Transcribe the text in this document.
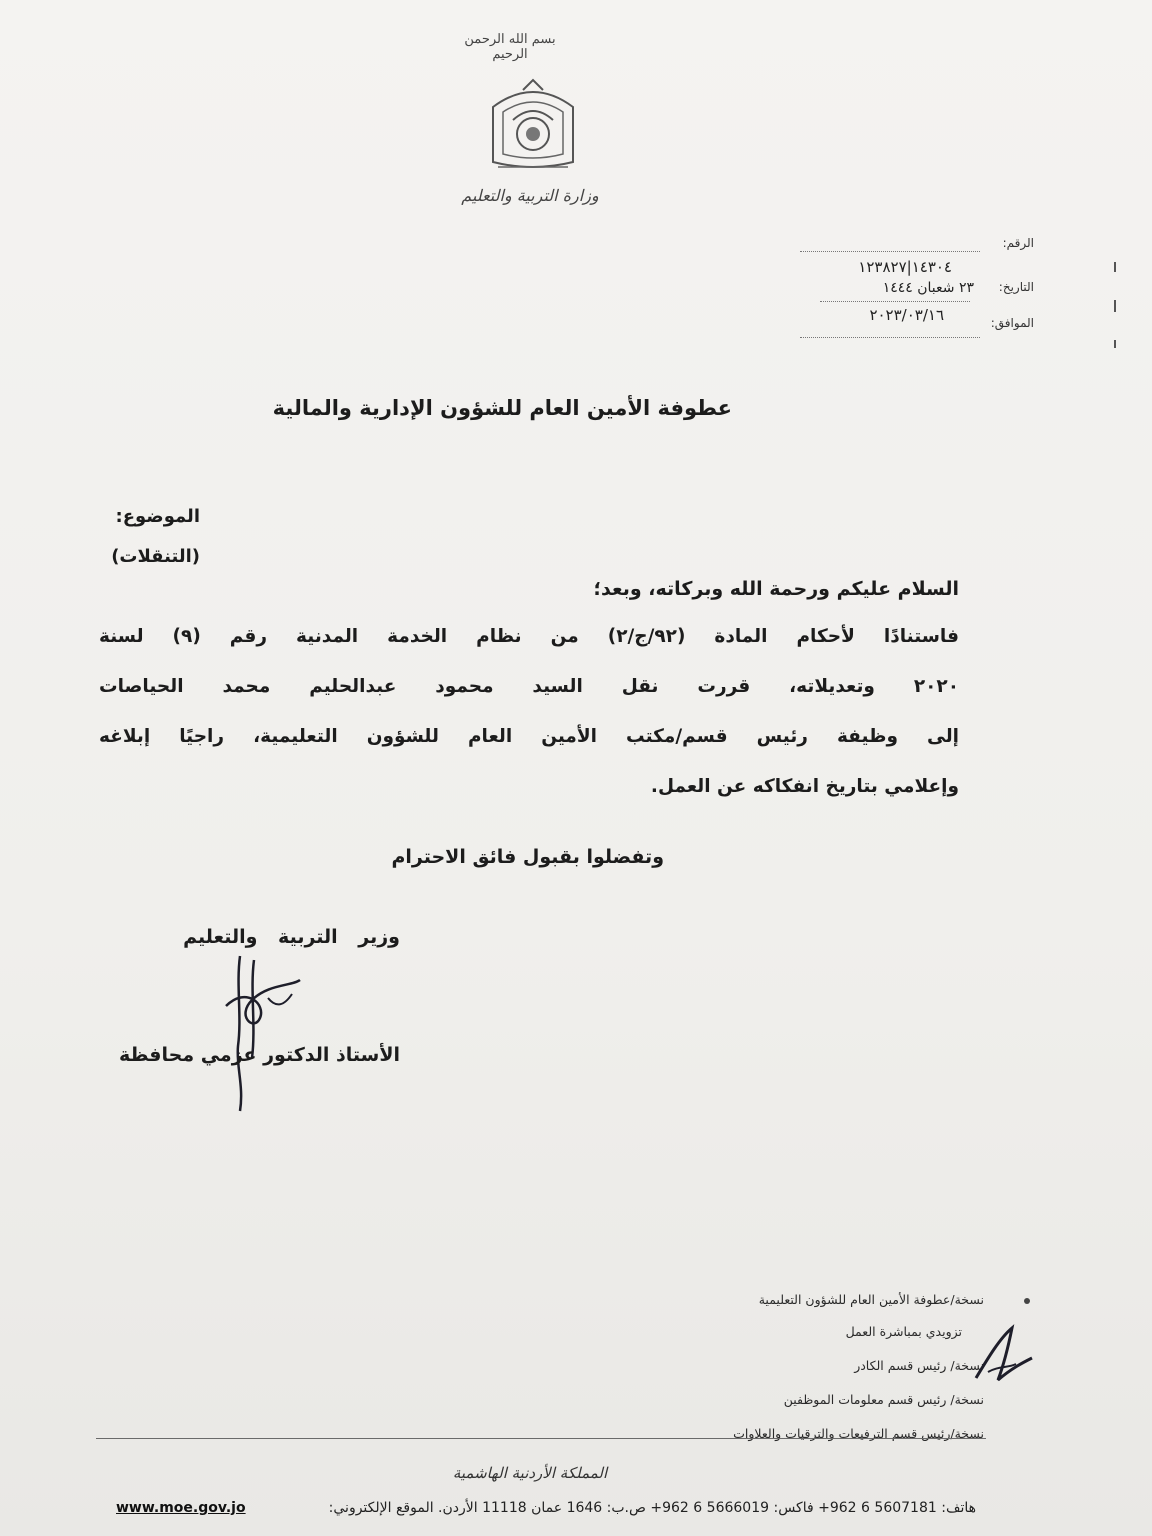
بسم الله الرحمن الرحيم
وزارة التربية والتعليم
الرقم:
١٤٣٠٤|١٢٣٨٢٧
التاريخ:
٢٣ شعبان ١٤٤٤
الموافق:
٢٠٢٣/٠٣/١٦
عطوفة الأمين العام للشؤون الإدارية والمالية
الموضوع:
(التنقلات)
السلام عليكم ورحمة الله وبركاته، وبعد؛
فاستنادًا لأحكام المادة (٩٢/ج/٢) من نظام الخدمة المدنية رقم (٩) لسنة
٢٠٢٠ وتعديلاته، قررت نقل السيد محمود عبدالحليم محمد الحياصات
إلى وظيفة رئيس قسم/مكتب الأمين العام للشؤون التعليمية، راجيًا إبلاغه
وإعلامي بتاريخ انفكاكه عن العمل.
وتفضلوا بقبول فائق الاحترام
وزير التربية والتعليم
الأستاذ الدكتور عزمي محافظة
نسخة/عطوفة الأمين العام للشؤون التعليمية
تزويدي بمباشرة العمل
نسخة/ رئيس قسم الكادر
نسخة/ رئيس قسم معلومات الموظفين
نسخة/رئيس قسم الترفيعات والترقيات والعلاوات
المملكة الأردنية الهاشمية
هاتف: 5607181 6 962+ فاكس: 5666019 6 962+ ص.ب: 1646 عمان 11118 الأردن. الموقع الإلكتروني:
www.moe.gov.jo
